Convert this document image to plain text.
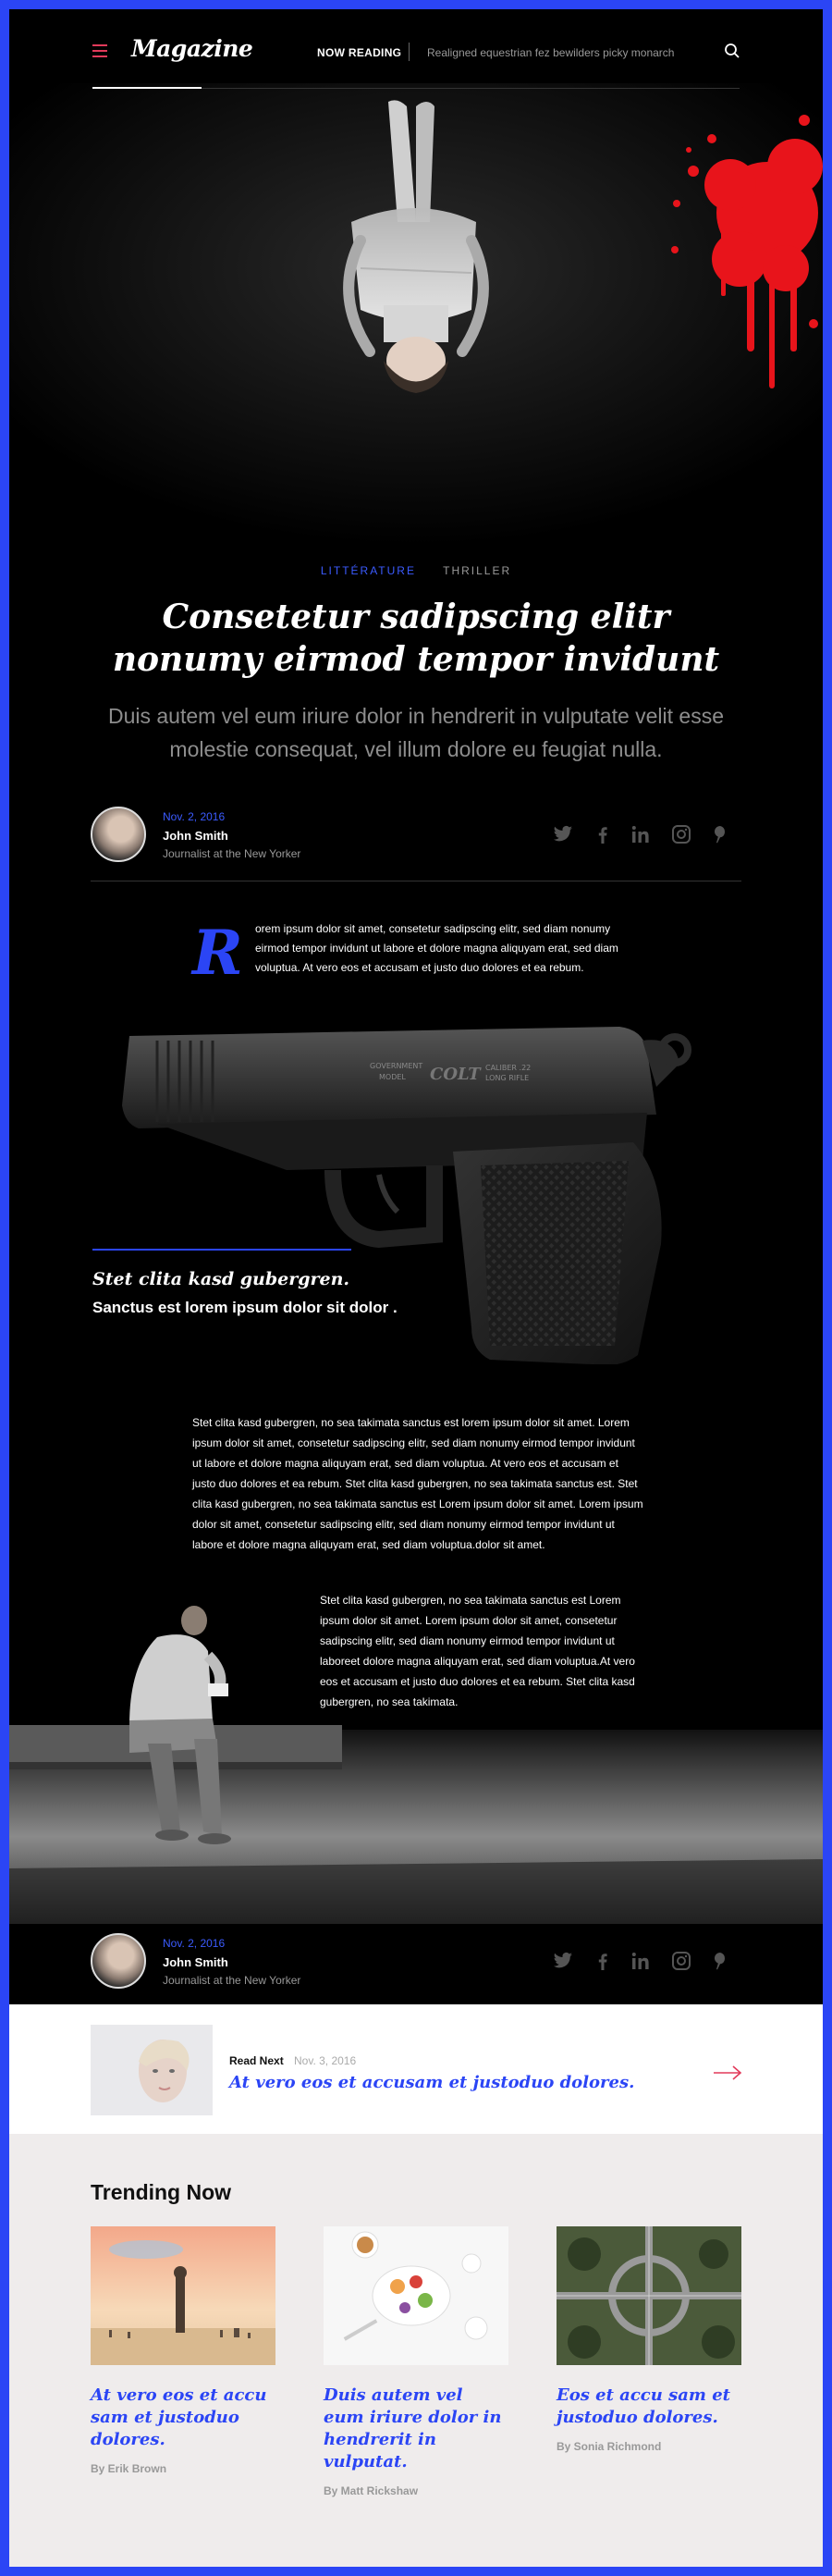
Magazine	NOW READING Realigned equestrian fez bewilders picky monarch
LITTÉRATURE THRILLER
Consetetur sadipscing elitr nonumy eirmod tempor invidunt

Duis autem vel eum iriure dolor in hendrerit in vulputate velit esse molestie consequat, vel illum dolore eu feugiat nulla.

Nov. 2, 2016
John Smith
Journalist at the New Yorker

R orem ipsum dolor sit amet, consetetur sadipscing elitr, sed diam nonumy eirmod tempor invidunt ut labore et dolore magna aliquyam erat, sed diam voluptua. At vero eos et accusam et justo duo dolores et ea rebum.

GOVERNMENT
MODEL COLT CALIBER .22
LONG RIFLE
Stet clita kasd gubergren.
Sanctus est lorem ipsum dolor sit dolor .

Stet clita kasd gubergren, no sea takimata sanctus est lorem ipsum dolor sit amet. Lorem ipsum dolor sit amet, consetetur sadipscing elitr, sed diam nonumy eirmod tempor invidunt ut labore et dolore magna aliquyam erat, sed diam voluptua. At vero eos et accusam et justo duo dolores et ea rebum. Stet clita kasd gubergren, no sea takimata sanctus est. Stet clita kasd gubergren, no sea takimata sanctus est Lorem ipsum dolor sit amet. Lorem ipsum dolor sit amet, consetetur sadipscing elitr, sed diam nonumy eirmod tempor invidunt ut labore et dolore magna aliquyam erat, sed diam voluptua.dolor sit amet.

Stet clita kasd gubergren, no sea takimata sanctus est Lorem ipsum dolor sit amet. Lorem ipsum dolor sit amet, consetetur sadipscing elitr, sed diam nonumy eirmod tempor invidunt ut laboreet dolore magna aliquyam erat, sed diam voluptua.At vero eos et accusam et justo duo dolores et ea rebum. Stet clita kasd gubergren, no sea takimata.

Nov. 2, 2016
John Smith
Journalist at the New Yorker

Read Next Nov. 3, 2016
At vero eos et accusam et justoduo dolores.
Trending Now
At vero eos et accu sam et justoduo dolores.
By Erik Brown
Duis autem vel eum iriure dolor in hendrerit in vulputat.
By Matt Rickshaw
Eos et accu sam et justoduo dolores.
By Sonia Richmond
